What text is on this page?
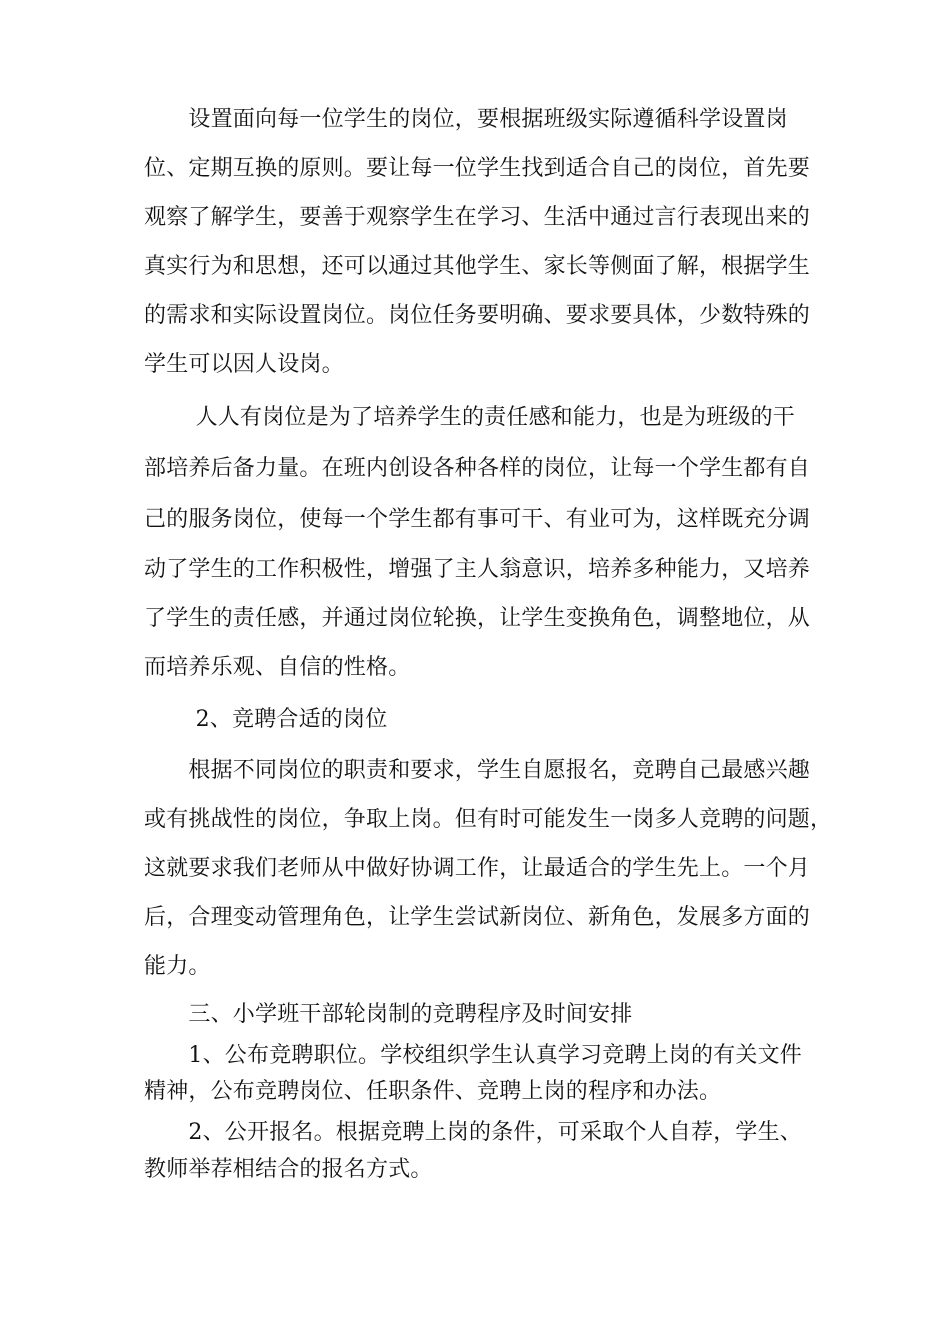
　　设置面向每一位学生的岗位，要根据班级实际遵循科学设置岗
位、定期互换的原则。要让每一位学生找到适合自己的岗位，首先要
观察了解学生，要善于观察学生在学习、生活中通过言行表现出来的
真实行为和思想，还可以通过其他学生、家长等侧面了解，根据学生
的需求和实际设置岗位。岗位任务要明确、要求要具体，少数特殊的
学生可以因人设岗。
　　 人人有岗位是为了培养学生的责任感和能力，也是为班级的干
部培养后备力量。在班内创设各种各样的岗位，让每一个学生都有自
己的服务岗位，使每一个学生都有事可干、有业可为，这样既充分调
动了学生的工作积极性，增强了主人翁意识，培养多种能力，又培养
了学生的责任感，并通过岗位轮换，让学生变换角色，调整地位，从
而培养乐观、自信的性格。
　　 2、竞聘合适的岗位
　　根据不同岗位的职责和要求，学生自愿报名，竞聘自己最感兴趣
或有挑战性的岗位，争取上岗。但有时可能发生一岗多人竞聘的问题，
这就要求我们老师从中做好协调工作，让最适合的学生先上。一个月
后，合理变动管理角色，让学生尝试新岗位、新角色，发展多方面的
能力。
　　三、小学班干部轮岗制的竞聘程序及时间安排
　　1、公布竞聘职位。学校组织学生认真学习竞聘上岗的有关文件
精神，公布竞聘岗位、任职条件、竞聘上岗的程序和办法。
　　2、公开报名。根据竞聘上岗的条件，可采取个人自荐，学生、
教师举荐相结合的报名方式。
